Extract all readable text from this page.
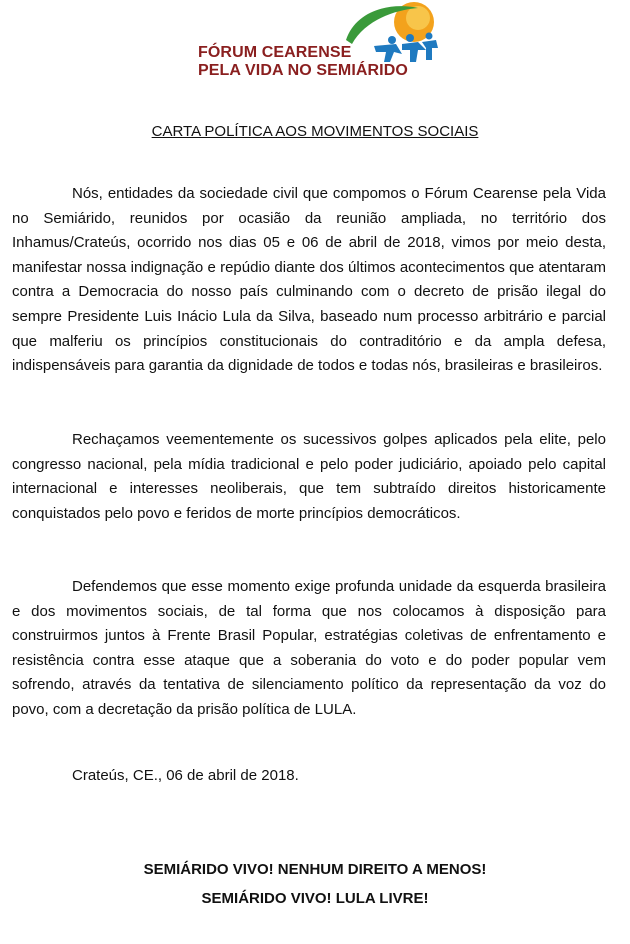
FÓRUM CEARENSE
PELA VIDA NO SEMIÁRIDO
CARTA POLÍTICA AOS MOVIMENTOS SOCIAIS

Nós, entidades da sociedade civil que compomos o Fórum Cearense pela Vida no Semiárido, reunidos por ocasião da reunião ampliada, no território dos Inhamus/Crateús, ocorrido nos dias 05 e 06 de abril de 2018, vimos por meio desta, manifestar nossa indignação e repúdio diante dos últimos acontecimentos que atentaram contra a Democracia do nosso país culminando com o decreto de prisão ilegal do sempre Presidente Luis Inácio Lula da Silva, baseado num processo arbitrário e parcial que malferiu os princípios constitucionais do contraditório e da ampla defesa, indispensáveis para garantia da dignidade de todos e todas nós, brasileiras e brasileiros.

Rechaçamos veementemente os sucessivos golpes aplicados pela elite, pelo congresso nacional, pela mídia tradicional e pelo poder judiciário, apoiado pelo capital internacional e interesses neoliberais, que tem subtraído direitos historicamente conquistados pelo povo e feridos de morte princípios democráticos.

Defendemos que esse momento exige profunda unidade da esquerda brasileira e dos movimentos sociais, de tal forma que nos colocamos à disposição para construirmos juntos à Frente Brasil Popular, estratégias coletivas de enfrentamento e resistência contra esse ataque que a soberania do voto e do poder popular vem sofrendo, através da tentativa de silenciamento político da representação da voz do povo, com a decretação da prisão política de LULA.

Crateús, CE., 06 de abril de 2018.
SEMIÁRIDO VIVO! NENHUM DIREITO A MENOS!
SEMIÁRIDO VIVO! LULA LIVRE!
